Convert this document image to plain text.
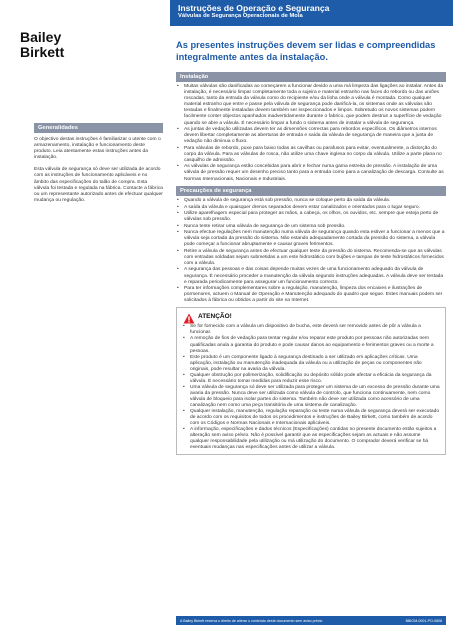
Bailey
Birkett
Instruções de Operação e Segurança
Válvulas de Segurança Operacionais de Mola
As presentes instruções devem ser lidas e compreendidas integralmente antes da instalação.
Generalidades

O objectivo destas instruções é familiarizar o utente com o armazenamento, instalação e funcionamento deste produto. Leia atentamente estas instruções antes da instalação.

Esta válvula de segurança só deve ser utilizada de acordo com as instruções de funcionamento aplicáveis e no âmbito das especificações do talão de compra. Esta válvula foi testada e regulada na fábrica. Contacte a fábrica ou um representante autorizado antes de efectuar qualquer mudança ou regulação.

Instalação
• Muitas válvulas são danificadas ao começarem a funcionar devido a uma má limpeza das ligações ao instalar. Antes da instalação, é necessário limpar completamente toda a sujeira e material estranho nas faces do rebordo ou das uniões roscadas, tanto da entrada da válvula como do recipiente e/ou da linha onde a válvula é montada. Como qualquer material estranho que entre e passe pela válvula de segurança pode danificá-la, os sistemas onde as válvulas são testadas e finalmente instaladas devem também ser inspeccionados e limpos. Sobretudo os novos sistemas podem facilmente conter objectos apanhados inadvertidamente durante o fabrico, que podem destruir a superfície de vedação quando se abre a válvula. É necessário limpar a fundo o sistema antes de instalar a válvula de segurança.
• As juntas de vedação utilizadas devem ter as dimensões correctas para rebordos específicos. Os diâmetros internos devem libertar completamente as aberturas de entrada e saída da válvula de segurança de maneira que a junta de vedação não diminua o fluxo.
• Para válvulas de rebordo, puxe para baixo todas as cavilhas ou parafusos para evitar, eventualmente, a distorção do corpo da válvula. Para as válvulas de rosca, não utilize uma chave inglesa no corpo da válvula. Utilize a parte plana no casquilho de admissão.
• As válvulas de segurança estão concebidas para abrir e fechar numa gama estreita de pressão. A instalação de uma válvula de pressão requer um desenho preciso tanto para a entrada como para a canalização de descarga. Consulte as Normas Internacionais, Nacionais e Industriais.
Precauções de segurança
• Quando a válvula de segurança está sob pressão, nunca se coloque perto da saída da válvula.
• A saída da válvula e quaisquer drenos separados devem estar canalizados e orientados para o lugar seguro.
• Utilize aparelhagem especial para proteger as mãos, a cabeça, os olhos, os ouvidos, etc. sempre que esteja perto de válvulas sob pressão.
• Nunca tente retirar uma válvula de segurança de um sistema sob pressão.
• Nunca efectue regulações nem manutenção numa válvula de segurança quando esta estiver a funcionar a menos que a válvula seja cortada da pressão do sistema. Não estando adequadamente cortada da pressão do sistema, a válvula pode começar a funcionar abruptamente e causar graves ferimentos.
• Retire a válvula de segurança antes de efectuar qualquer teste da pressão do sistema. Recomenda-se que as válvulas com entradas soldadas sejam submetidas a um este hidrostático com bujões e tampas de teste hidrostáticos fornecidos com a válvula.
• A segurança das pessoas e das coisas depende muitas vezes de uma funcionamento adequado da válvula de segurança. É necessário proceder a manutenção da válvula segundo instruções adequadas. A válvula deve ser testada e reparada periodicamente para assegurar um funcionamento correcto.
• Para ter informações complementares sobre a regulação, manutenção, limpeza dos encaixes e ilustrações de pormenores, actuem o Manual de Operação e Manutenção adequado do quadro que segue. Estes manuais podem ser solicitados à fábrica ou obtidos a partir do site na Internet.
ATENÇÃO!
• Se for fornecido com a válvula um dispositivo de bucha, este deverá ser removido antes de pôr a válvula a funcionar.
• A remoção de fios de vedação para tentar regular e/ou reparar este produto por pessoas não autorizadas nem qualificadas anula a garantia do produto e pode causar danos ao equipamento e ferimentos graves ou a morte a pessoas.
• Este produto é um componente ligado à segurança destinado a ser utilizado em aplicações críticas. Uma aplicação, instalação ou manutenção inadequada da válvula ou a utilização de peças ou componentes não originais, pode resultar na avaria da válvula.
• Qualquer obstrução por polimerização, solidificação ou depósito sólido pode afectar a eficácia da segurança da válvula. É necessário tomar medidas para reduzir esse risco.
• Uma válvula de segurança só deve ser utilizada para proteger um sistema de um excesso de pressão durante uma avaria da pressão. Nunca deve ser utilizada como válvula de controlo, que funciona continuamente, nem como válvula de bloqueio para isolar partes do sistema. Também não deve ser utilizada como acessório de uma canalização nem como uma peça transitória de uma sistema de canalização.
• Qualquer instalação, manutenção, regulação reparação ou teste numa válvula de segurança deverá ser executado de acordo com os requisitos de todos os procedimentos e instruções de Bailey Birkett, como também de acordo com os Códigos e Normas Nacionais e Internacionais aplicáveis.
• A informação, especificações e dados técnicos (Especificações) contidas no presente documento estão sujeitos a alteração sem aviso prévio. Não é possível garantir que as especificações sejam as actuais e não assume qualquer responsabilidade pela utilização ou má utilização do documento. O comprador deverá verificar se há eventuais mudanças nas especificações antes de utilizar a válvula.
A Bailey Birkett reserva o direito de alterar o conteúdo deste documento sem aviso prévio	BBIOM-0001-PO-0808
